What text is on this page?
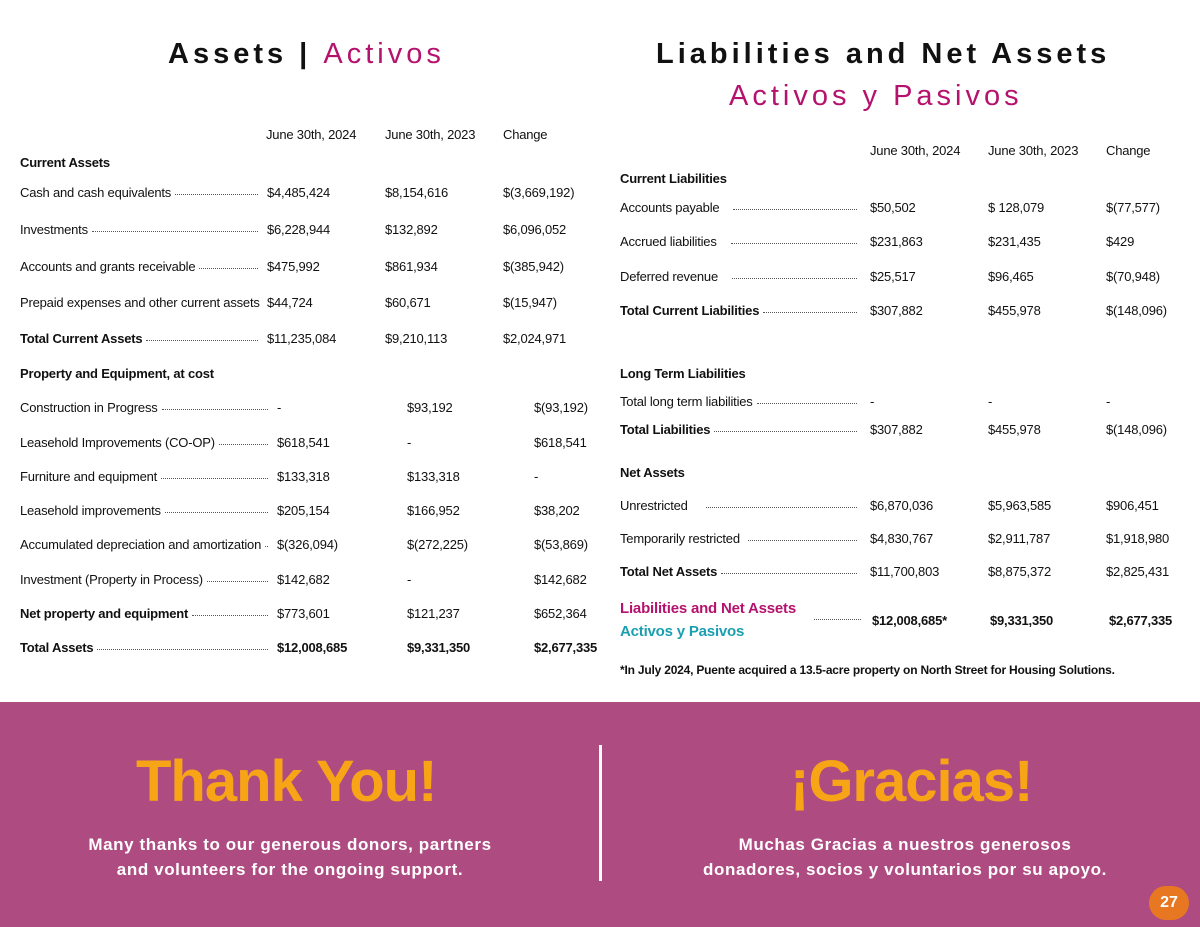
Assets | Activos
June 30th, 2024 June 30th, 2023 Change
Current Assets
Cash and cash equivalents	$4,485,424	$8,154,616	$(3,669,192)
Investments	$6,228,944	$132,892	$6,096,052
Accounts and grants receivable	$475,992	$861,934	$(385,942)
Prepaid expenses and other current assets $44,724	$60,671	$(15,947)
Total Current Assets	$11,235,084	$9,210,113	$2,024,971
Property and Equipment, at cost
Construction in Progress	-	$93,192	$(93,192)
Leasehold Improvements (CO-OP)	$618,541	-	$618,541
Furniture and equipment	$133,318	$133,318	-
Leasehold improvements	$205,154	$166,952	$38,202
Accumulated depreciation and amortization $(326,094)	$(272,225)	$(53,869)
Investment (Property in Process)	$142,682	-	$142,682
Net property and equipment	$773,601	$121,237	$652,364
Total Assets	$12,008,685	$9,331,350	$2,677,335
Liabilities and Net Assets
Activos y Pasivos
June 30th, 2024 June 30th, 2023 Change
Current Liabilities
Accounts payable	$50,502	$ 128,079	$(77,577)
Accrued liabilities	$231,863	$231,435	$429
Deferred revenue	$25,517	$96,465	$(70,948)
Total Current Liabilities	$307,882	$455,978	$(148,096)
Long Term Liabilities
Total long term liabilities	-	-	-
Total Liabilities	$307,882	$455,978	$(148,096)
Net Assets
Unrestricted	$6,870,036	$5,963,585	$906,451
Temporarily restricted	$4,830,767	$2,911,787	$1,918,980
Total Net Assets	$11,700,803	$8,875,372	$2,825,431
Liabilities and Net Assets
Activos y Pasivos
$12,008,685*	$9,331,350	$2,677,335
*In July 2024, Puente acquired a 13.5-acre property on North Street for Housing Solutions.
Thank You!
Many thanks to our generous donors, partners
and volunteers for the ongoing support.
¡Gracias!
Muchas Gracias a nuestros generosos
donadores, socios y voluntarios por su apoyo.
27
